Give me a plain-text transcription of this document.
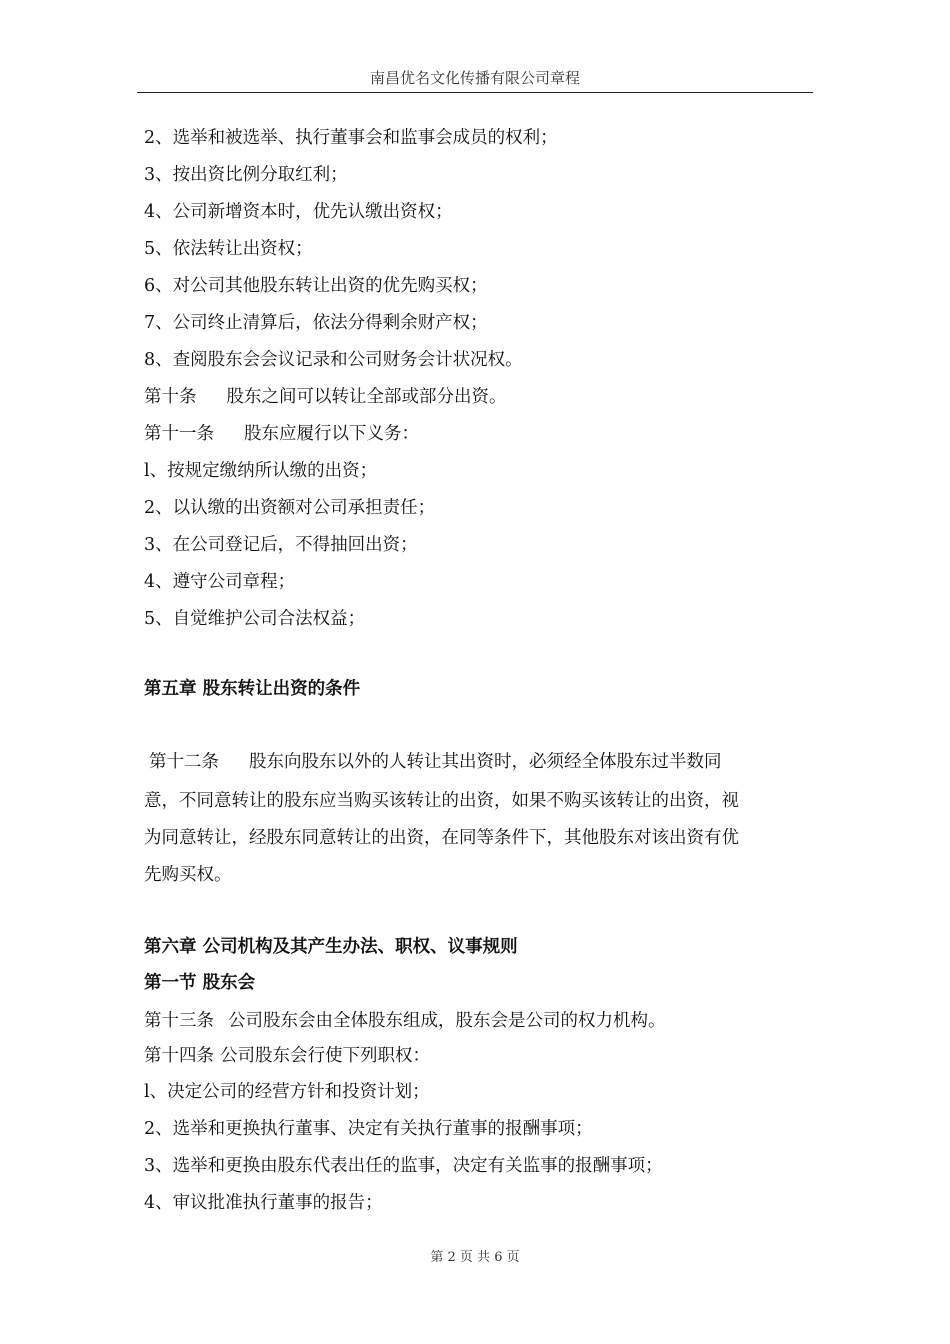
南昌优名文化传播有限公司章程
2、选举和被选举、执行董事会和监事会成员的权利；
3、按出资比例分取红利；
4、公司新增资本时，优先认缴出资权；
5、依法转让出资权；
6、对公司其他股东转让出资的优先购买权；
7、公司终止清算后，依法分得剩余财产权；
8、查阅股东会会议记录和公司财务会计状况权。
第十条 股东之间可以转让全部或部分出资。
第十一条 股东应履行以下义务：
l、按规定缴纳所认缴的出资；
2、以认缴的出资额对公司承担责任；
3、在公司登记后，不得抽回出资；
4、遵守公司章程；
5、自觉维护公司合法权益；
第五章 股东转让出资的条件
第十二条 股东向股东以外的人转让其出资时，必须经全体股东过半数同
意，不同意转让的股东应当购买该转让的出资，如果不购买该转让的出资，视
为同意转让，经股东同意转让的出资，在同等条件下，其他股东对该出资有优
先购买权。
第六章 公司机构及其产生办法、职权、议事规则
第一节 股东会
第十三条 公司股东会由全体股东组成，股东会是公司的权力机构。
第十四条 公司股东会行使下列职权：
l、决定公司的经营方针和投资计划；
2、选举和更换执行董事、决定有关执行董事的报酬事项；
3、选举和更换由股东代表出任的监事，决定有关监事的报酬事项；
4、审议批准执行董事的报告；
第 2 页 共 6 页
